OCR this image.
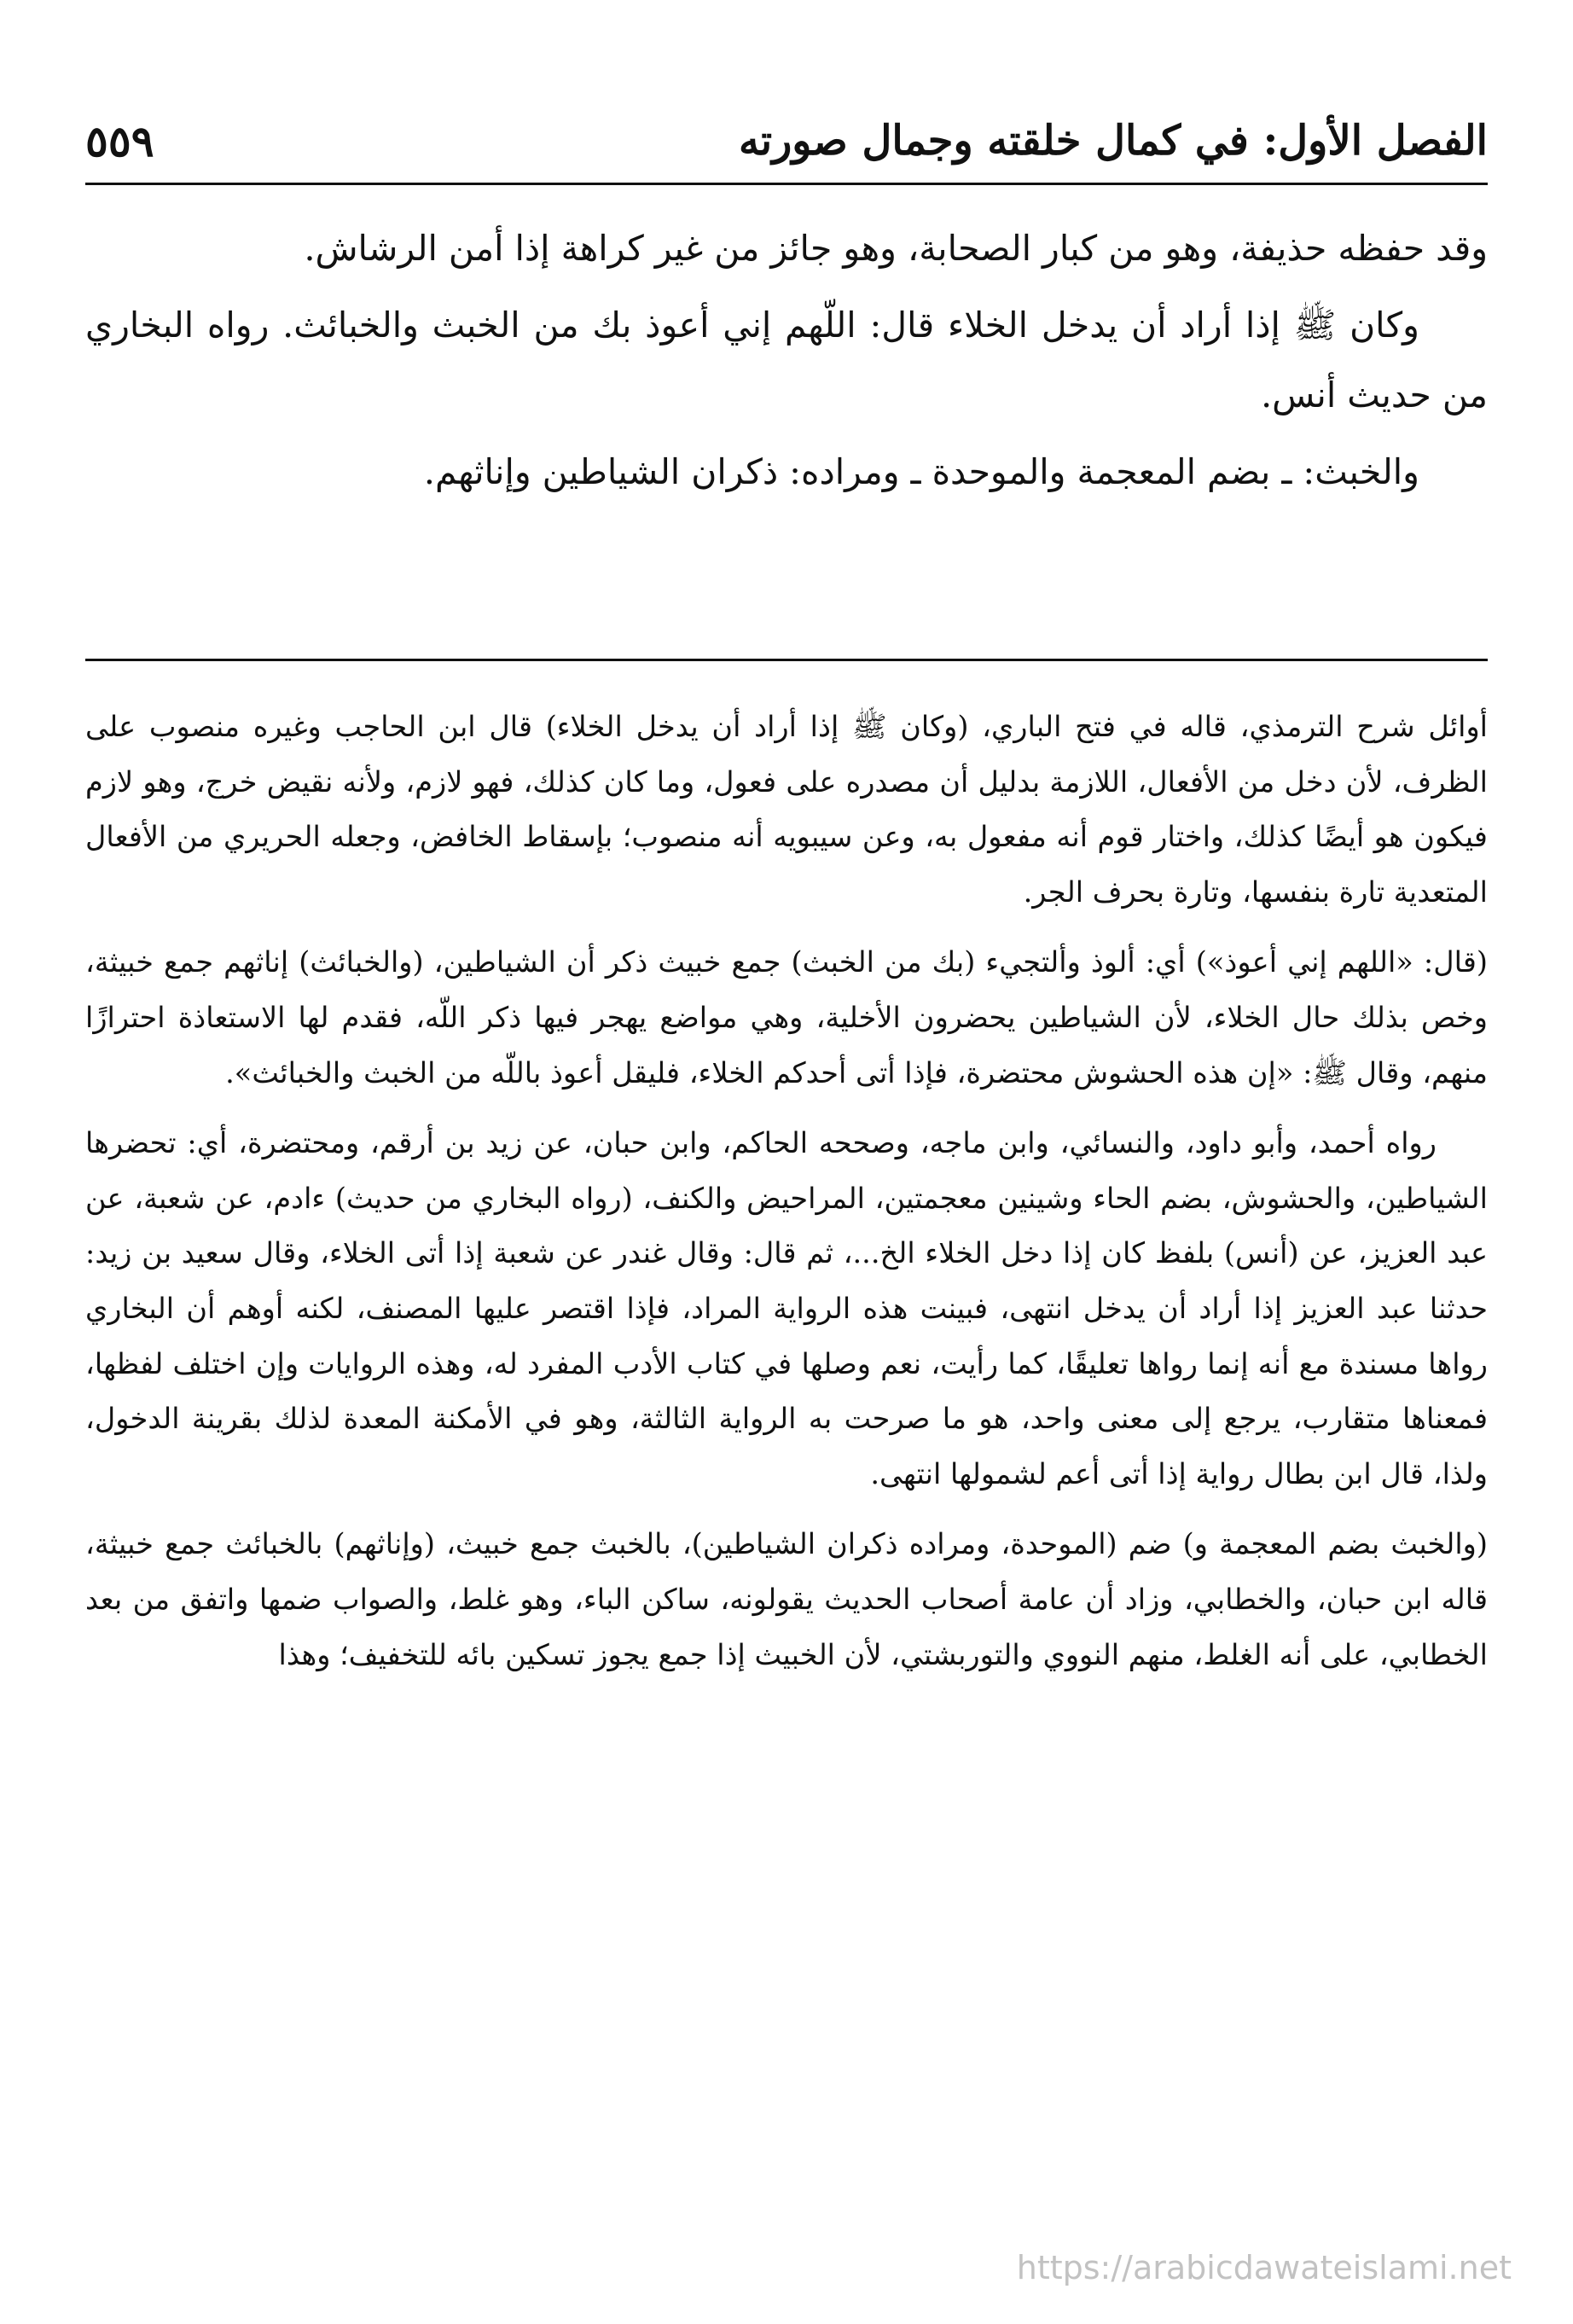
الفصل الأول: في كمال خلقته وجمال صورته
٥٥٩

وقد حفظه حذيفة، وهو من كبار الصحابة، وهو جائز من غير كراهة إذا أمن الرشاش.

وكان ﷺ إذا أراد أن يدخل الخلاء قال: اللّهم إني أعوذ بك من الخبث والخبائث. رواه البخاري من حديث أنس.

والخبث: ـ بضم المعجمة والموحدة ـ ومراده: ذكران الشياطين وإناثهم.

أوائل شرح الترمذي، قاله في فتح الباري، (وكان ﷺ إذا أراد أن يدخل الخلاء) قال ابن الحاجب وغيره منصوب على الظرف، لأن دخل من الأفعال، اللازمة بدليل أن مصدره على فعول، وما كان كذلك، فهو لازم، ولأنه نقيض خرج، وهو لازم فيكون هو أيضًا كذلك، واختار قوم أنه مفعول به، وعن سيبويه أنه منصوب؛ بإسقاط الخافض، وجعله الحريري من الأفعال المتعدية تارة بنفسها، وتارة بحرف الجر.

(قال: «اللهم إني أعوذ») أي: ألوذ وألتجيء (بك من الخبث) جمع خبيث ذكر أن الشياطين، (والخبائث) إناثهم جمع خبيثة، وخص بذلك حال الخلاء، لأن الشياطين يحضرون الأخلية، وهي مواضع يهجر فيها ذكر اللّه، فقدم لها الاستعاذة احترازًا منهم، وقال ﷺ: «إن هذه الحشوش محتضرة، فإذا أتى أحدكم الخلاء، فليقل أعوذ باللّه من الخبث والخبائث».

رواه أحمد، وأبو داود، والنسائي، وابن ماجه، وصححه الحاكم، وابن حبان، عن زيد بن أرقم، ومحتضرة، أي: تحضرها الشياطين، والحشوش، بضم الحاء وشينين معجمتين، المراحيض والكنف، (رواه البخاري من حديث) ءادم، عن شعبة، عن عبد العزيز، عن (أنس) بلفظ كان إذا دخل الخلاء الخ...، ثم قال: وقال غندر عن شعبة إذا أتى الخلاء، وقال سعيد بن زيد: حدثنا عبد العزيز إذا أراد أن يدخل انتهى، فبينت هذه الرواية المراد، فإذا اقتصر عليها المصنف، لكنه أوهم أن البخاري رواها مسندة مع أنه إنما رواها تعليقًا، كما رأيت، نعم وصلها في كتاب الأدب المفرد له، وهذه الروايات وإن اختلف لفظها، فمعناها متقارب، يرجع إلى معنى واحد، هو ما صرحت به الرواية الثالثة، وهو في الأمكنة المعدة لذلك بقرينة الدخول، ولذا، قال ابن بطال رواية إذا أتى أعم لشمولها انتهى.

(والخبث بضم المعجمة و) ضم (الموحدة، ومراده ذكران الشياطين)، بالخبث جمع خبيث، (وإناثهم) بالخبائث جمع خبيثة، قاله ابن حبان، والخطابي، وزاد أن عامة أصحاب الحديث يقولونه، ساكن الباء، وهو غلط، والصواب ضمها واتفق من بعد الخطابي، على أنه الغلط، منهم النووي والتوربشتي، لأن الخبيث إذا جمع يجوز تسكين بائه للتخفيف؛ وهذا

https://arabicdawateislami.net
